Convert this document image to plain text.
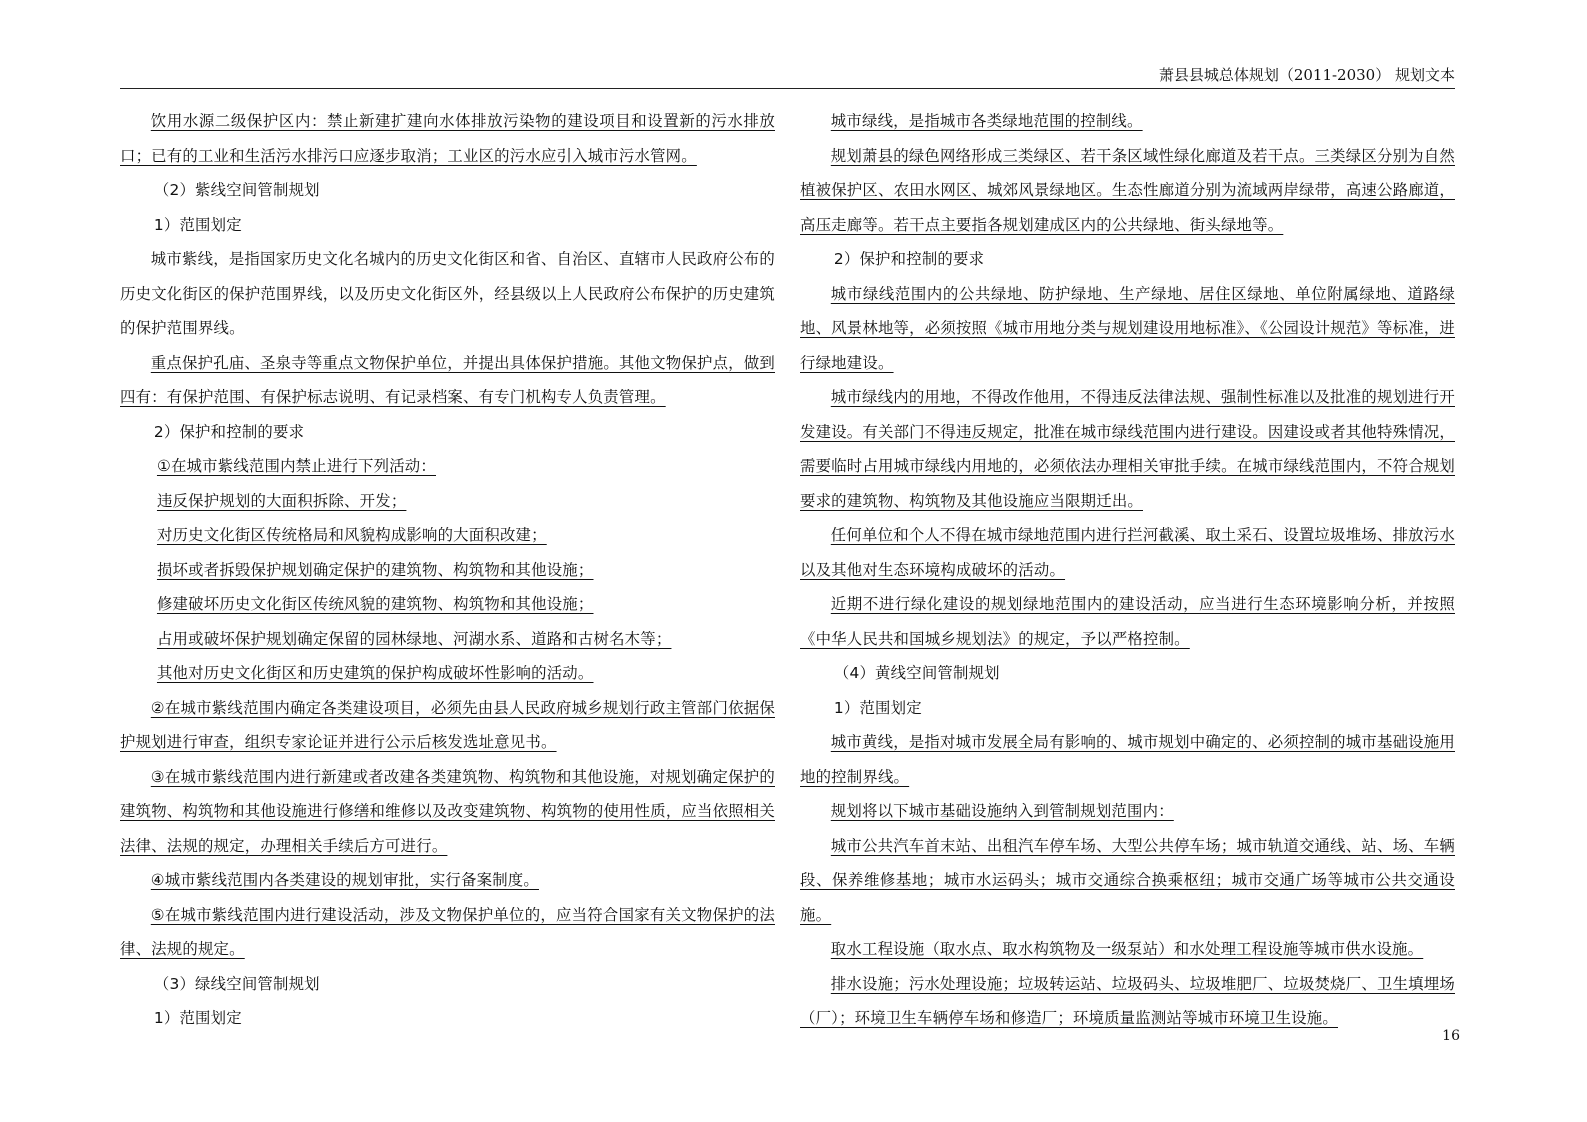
萧县县城总体规划（2011-2030） 规划文本

饮用水源二级保护区内：禁止新建扩建向水体排放污染物的建设项目和设置新的污水排放口；已有的工业和生活污水排污口应逐步取消；工业区的污水应引入城市污水管网。

（2）紫线空间管制规划

1）范围划定

城市紫线，是指国家历史文化名城内的历史文化街区和省、自治区、直辖市人民政府公布的历史文化街区的保护范围界线，以及历史文化街区外，经县级以上人民政府公布保护的历史建筑的保护范围界线。

重点保护孔庙、圣泉寺等重点文物保护单位，并提出具体保护措施。其他文物保护点，做到四有：有保护范围、有保护标志说明、有记录档案、有专门机构专人负责管理。

2）保护和控制的要求

①在城市紫线范围内禁止进行下列活动：

违反保护规划的大面积拆除、开发；

对历史文化街区传统格局和风貌构成影响的大面积改建；

损坏或者拆毁保护规划确定保护的建筑物、构筑物和其他设施；

修建破坏历史文化街区传统风貌的建筑物、构筑物和其他设施；

占用或破坏保护规划确定保留的园林绿地、河湖水系、道路和古树名木等；

其他对历史文化街区和历史建筑的保护构成破坏性影响的活动。

②在城市紫线范围内确定各类建设项目，必须先由县人民政府城乡规划行政主管部门依据保护规划进行审查，组织专家论证并进行公示后核发选址意见书。

③在城市紫线范围内进行新建或者改建各类建筑物、构筑物和其他设施，对规划确定保护的建筑物、构筑物和其他设施进行修缮和维修以及改变建筑物、构筑物的使用性质，应当依照相关法律、法规的规定，办理相关手续后方可进行。

④城市紫线范围内各类建设的规划审批，实行备案制度。

⑤在城市紫线范围内进行建设活动，涉及文物保护单位的，应当符合国家有关文物保护的法律、法规的规定。

（3）绿线空间管制规划

1）范围划定

城市绿线，是指城市各类绿地范围的控制线。

规划萧县的绿色网络形成三类绿区、若干条区域性绿化廊道及若干点。三类绿区分别为自然植被保护区、农田水网区、城郊风景绿地区。生态性廊道分别为流域两岸绿带，高速公路廊道，高压走廊等。若干点主要指各规划建成区内的公共绿地、街头绿地等。

2）保护和控制的要求

城市绿线范围内的公共绿地、防护绿地、生产绿地、居住区绿地、单位附属绿地、道路绿地、风景林地等，必须按照《城市用地分类与规划建设用地标准》、《公园设计规范》等标准，进行绿地建设。

城市绿线内的用地，不得改作他用，不得违反法律法规、强制性标准以及批准的规划进行开发建设。有关部门不得违反规定，批准在城市绿线范围内进行建设。因建设或者其他特殊情况，需要临时占用城市绿线内用地的，必须依法办理相关审批手续。在城市绿线范围内，不符合规划要求的建筑物、构筑物及其他设施应当限期迁出。

任何单位和个人不得在城市绿地范围内进行拦河截溪、取土采石、设置垃圾堆场、排放污水以及其他对生态环境构成破坏的活动。

近期不进行绿化建设的规划绿地范围内的建设活动，应当进行生态环境影响分析，并按照《中华人民共和国城乡规划法》的规定，予以严格控制。

（4）黄线空间管制规划

1）范围划定

城市黄线，是指对城市发展全局有影响的、城市规划中确定的、必须控制的城市基础设施用地的控制界线。

规划将以下城市基础设施纳入到管制规划范围内：

城市公共汽车首末站、出租汽车停车场、大型公共停车场；城市轨道交通线、站、场、车辆段、保养维修基地；城市水运码头；城市交通综合换乘枢纽；城市交通广场等城市公共交通设施。

取水工程设施（取水点、取水构筑物及一级泵站）和水处理工程设施等城市供水设施。

排水设施；污水处理设施；垃圾转运站、垃圾码头、垃圾堆肥厂、垃圾焚烧厂、卫生填埋场（厂）；环境卫生车辆停车场和修造厂；环境质量监测站等城市环境卫生设施。

16
